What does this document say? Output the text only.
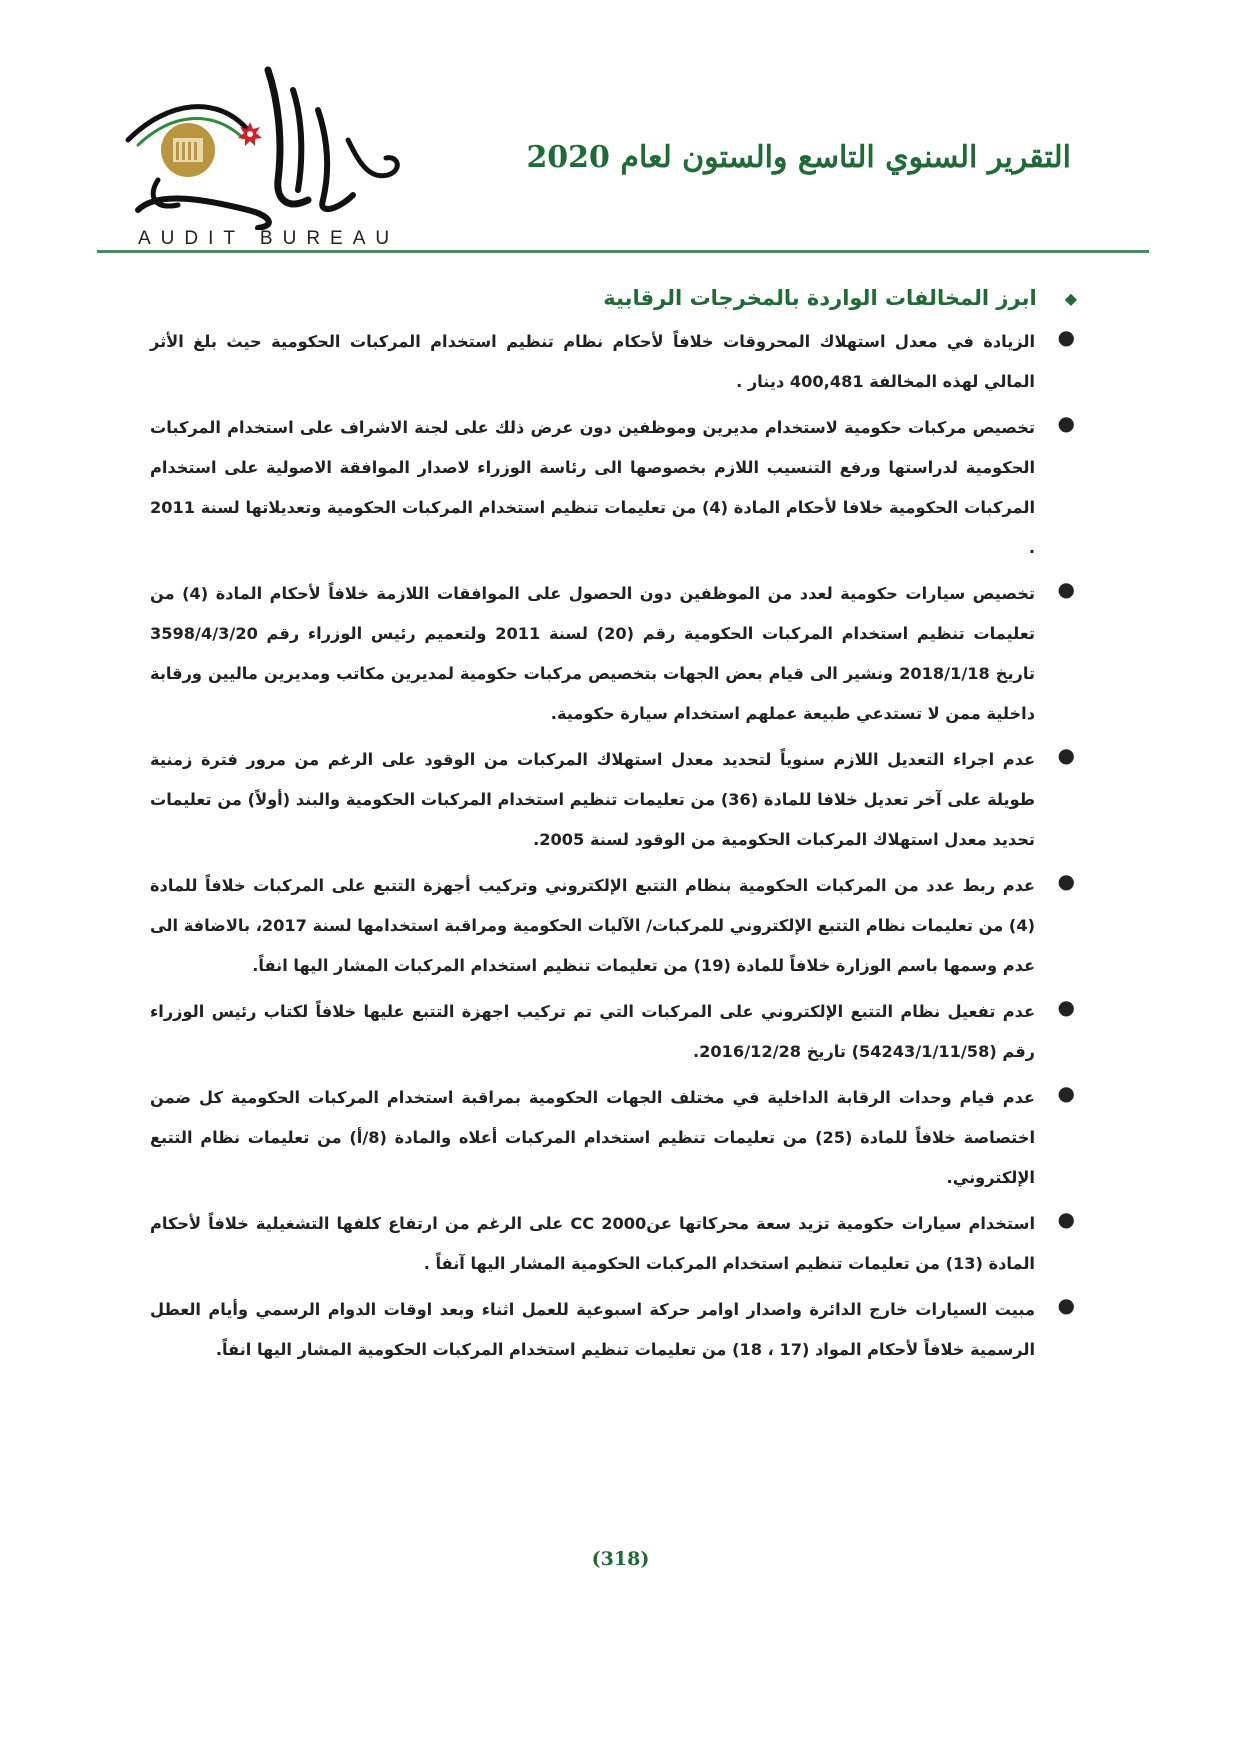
AUDIT BUREAU
التقرير السنوي التاسع والستون لعام 2020
◆
ابرز المخالفات الواردة بالمخرجات الرقابية
●
الزيادة في معدل استهلاك المحروقات خلافاً لأحكام نظام تنظيم استخدام المركبات الحكومية حيث بلغ الأثر المالي لهذه المخالفة 400,481 دينار .
●
تخصيص مركبات حكومية لاستخدام مديرين وموظفين دون عرض ذلك على لجنة الاشراف على استخدام المركبات الحكومية لدراستها ورفع التنسيب اللازم بخصوصها الى رئاسة الوزراء لاصدار الموافقة الاصولية على استخدام المركبات الحكومية خلافا لأحكام المادة (4) من تعليمات تنظيم استخدام المركبات الحكومية وتعديلاتها لسنة 2011 .
●
تخصيص سيارات حكومية لعدد من الموظفين دون الحصول على الموافقات اللازمة خلافاً لأحكام المادة (4) من تعليمات تنظيم استخدام المركبات الحكومية رقم (20) لسنة 2011 ولتعميم رئيس الوزراء رقم 3598/4/3/20 تاريخ 2018/1/18 ونشير الى قيام بعض الجهات بتخصيص مركبات حكومية لمديرين مكاتب ومديرين ماليين ورقابة داخلية ممن لا تستدعي طبيعة عملهم استخدام سيارة حكومية.
●
عدم اجراء التعديل اللازم سنوياً لتحديد معدل استهلاك المركبات من الوقود على الرغم من مرور فترة زمنية طويلة على آخر تعديل خلافا للمادة (36) من تعليمات تنظيم استخدام المركبات الحكومية والبند (أولاً) من تعليمات تحديد معدل استهلاك المركبات الحكومية من الوقود لسنة 2005.
●
عدم ربط عدد من المركبات الحكومية بنظام التتبع الإلكتروني وتركيب أجهزة التتبع على المركبات خلافاً للمادة (4) من تعليمات نظام التتبع الإلكتروني للمركبات/ الآليات الحكومية ومراقبة استخدامها لسنة 2017، بالاضافة الى عدم وسمها باسم الوزارة خلافاً للمادة (19) من تعليمات تنظيم استخدام المركبات المشار اليها انفاً.
●
عدم تفعيل نظام التتبع الإلكتروني على المركبات التي تم تركيب اجهزة التتبع عليها خلافاً لكتاب رئيس الوزراء رقم (54243/1/11/58) تاريخ 2016/12/28.
●
عدم قيام وحدات الرقابة الداخلية في مختلف الجهات الحكومية بمراقبة استخدام المركبات الحكومية كل ضمن اختصاصة خلافاً للمادة (25) من تعليمات تنظيم استخدام المركبات أعلاه والمادة (8/أ) من تعليمات نظام التتبع الإلكتروني.
●
استخدام سيارات حكومية تزيد سعة محركاتها عن2000 CC على الرغم من ارتفاع كلفها التشغيلية خلافاً لأحكام المادة (13) من تعليمات تنظيم استخدام المركبات الحكومية المشار اليها آنفاً .
●
مبيت السيارات خارج الدائرة واصدار اوامر حركة اسبوعية للعمل اثناء وبعد اوقات الدوام الرسمي وأيام العطل الرسمية خلافاً لأحكام المواد (17 ، 18) من تعليمات تنظيم استخدام المركبات الحكومية المشار اليها انفاً.
(318)
